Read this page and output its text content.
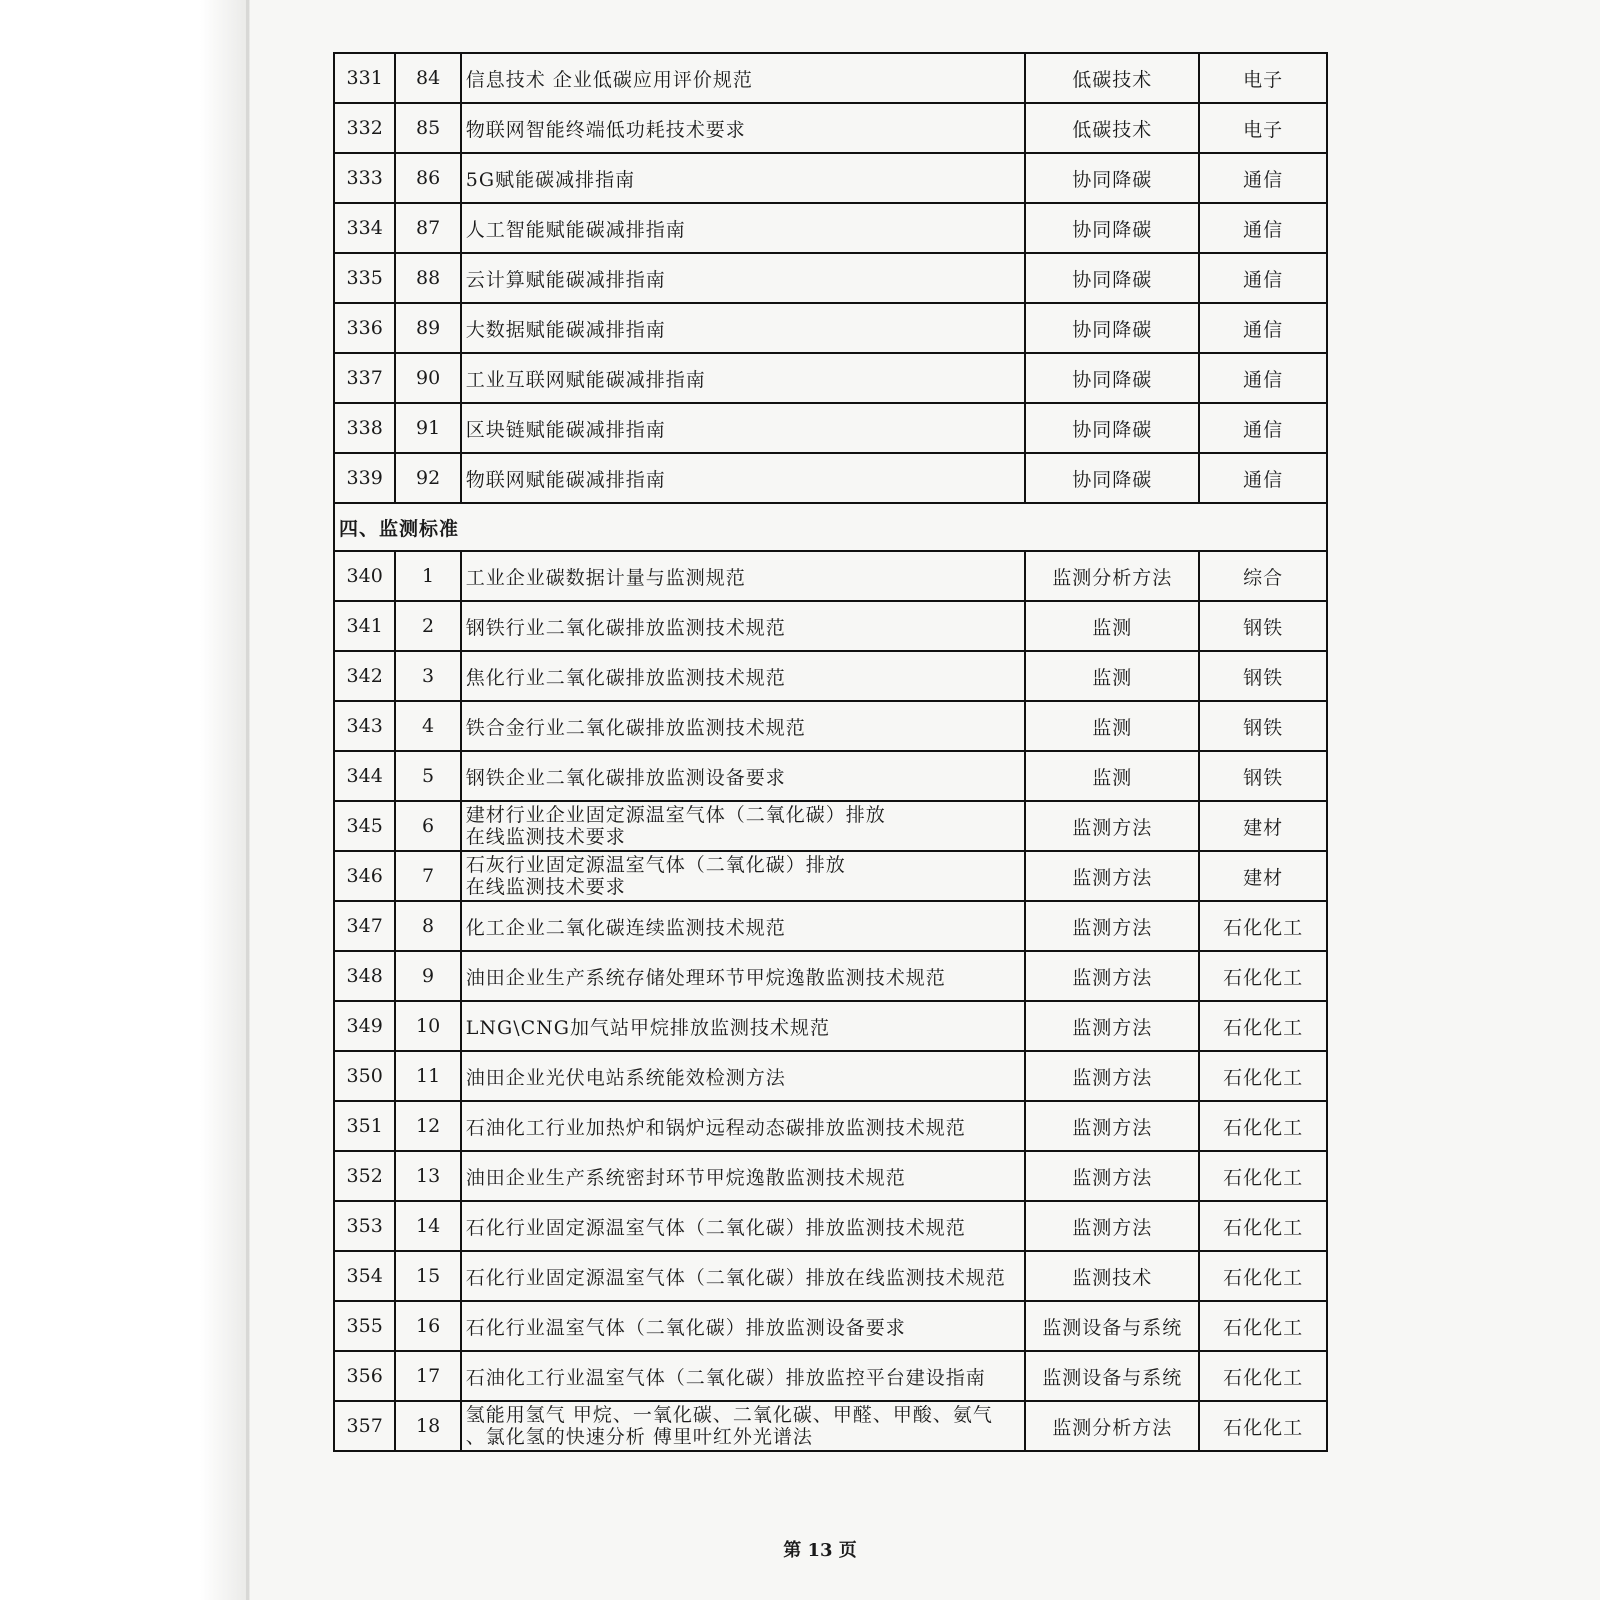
331	84	信息技术 企业低碳应用评价规范	低碳技术	电子
332	85	物联网智能终端低功耗技术要求	低碳技术	电子
333	86	5G赋能碳减排指南	协同降碳	通信
334	87	人工智能赋能碳减排指南	协同降碳	通信
335	88	云计算赋能碳减排指南	协同降碳	通信
336	89	大数据赋能碳减排指南	协同降碳	通信
337	90	工业互联网赋能碳减排指南	协同降碳	通信
338	91	区块链赋能碳减排指南	协同降碳	通信
339	92	物联网赋能碳减排指南	协同降碳	通信
四、监测标准				
340	1	工业企业碳数据计量与监测规范	监测分析方法	综合
341	2	钢铁行业二氧化碳排放监测技术规范	监测	钢铁
342	3	焦化行业二氧化碳排放监测技术规范	监测	钢铁
343	4	铁合金行业二氧化碳排放监测技术规范	监测	钢铁
344	5	钢铁企业二氧化碳排放监测设备要求	监测	钢铁
345	6	建材行业企业固定源温室气体（二氧化碳）排放
在线监测技术要求	监测方法	建材
346	7	石灰行业固定源温室气体（二氧化碳）排放
在线监测技术要求	监测方法	建材
347	8	化工企业二氧化碳连续监测技术规范	监测方法	石化化工
348	9	油田企业生产系统存储处理环节甲烷逸散监测技术规范	监测方法	石化化工
349	10	LNG\CNG加气站甲烷排放监测技术规范	监测方法	石化化工
350	11	油田企业光伏电站系统能效检测方法	监测方法	石化化工
351	12	石油化工行业加热炉和锅炉远程动态碳排放监测技术规范	监测方法	石化化工
352	13	油田企业生产系统密封环节甲烷逸散监测技术规范	监测方法	石化化工
353	14	石化行业固定源温室气体（二氧化碳）排放监测技术规范	监测方法	石化化工
354	15	石化行业固定源温室气体（二氧化碳）排放在线监测技术规范	监测技术	石化化工
355	16	石化行业温室气体（二氧化碳）排放监测设备要求	监测设备与系统	石化化工
356	17	石油化工行业温室气体（二氧化碳）排放监控平台建设指南	监测设备与系统	石化化工
357	18	氢能用氢气 甲烷、一氧化碳、二氧化碳、甲醛、甲酸、氨气
、氯化氢的快速分析 傅里叶红外光谱法	监测分析方法	石化化工
第 13 页
